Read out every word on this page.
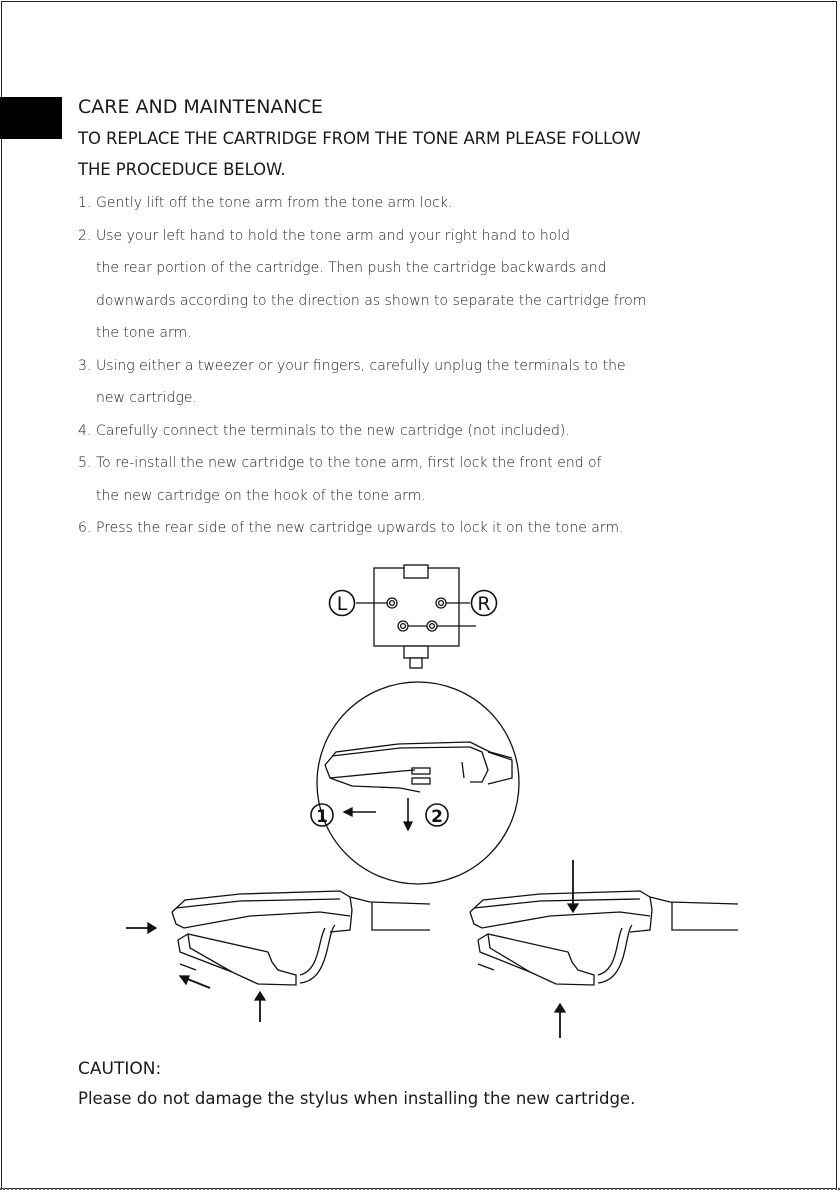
CARE AND MAINTENANCE
TO REPLACE THE CARTRIDGE FROM THE TONE ARM PLEASE FOLLOW
THE PROCEDUCE BELOW.
1. Gently lift off the tone arm from the tone arm lock.
2. Use your left hand to hold the tone arm and your right hand to hold
the rear portion of the cartridge. Then push the cartridge backwards and
downwards according to the direction as shown to separate the cartridge from
the tone arm.
3. Using either a tweezer or your fingers, carefully unplug the terminals to the
new cartridge.
4. Carefully connect the terminals to the new cartridge (not included).
5. To re-install the new cartridge to the tone arm, first lock the front end of
the new cartridge on the hook of the tone arm.
6. Press the rear side of the new cartridge upwards to lock it on the tone arm.
L	R
1	2

CAUTION:

Please do not damage the stylus when installing the new cartridge.
